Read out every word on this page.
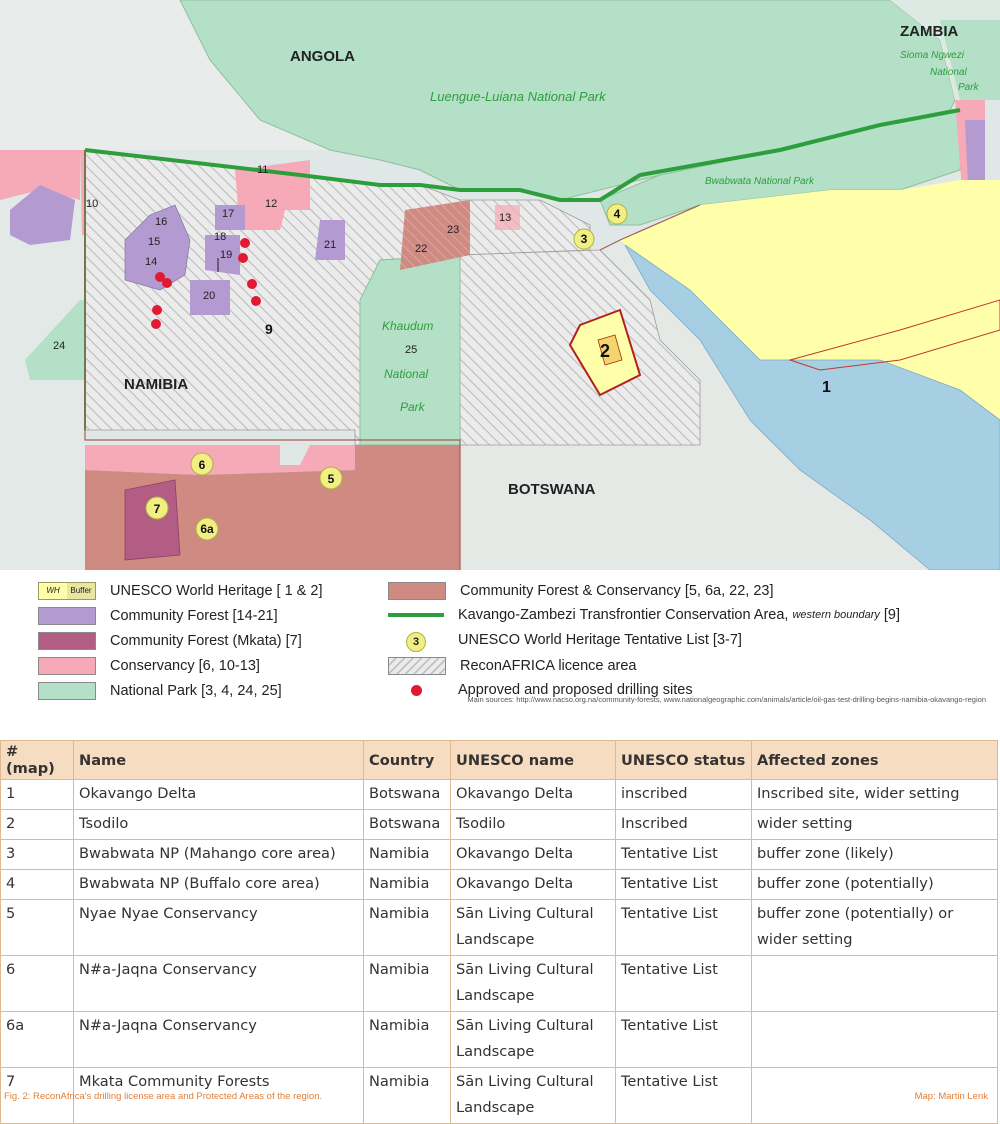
3
4
5
6
6a
7
ANGOLA
ZAMBIA
NAMIBIA
BOTSWANA
Luengue-Luiana National Park
Bwabwata National Park
Sioma Ngwezi
National
Park
Khaudum
National
Park
10
11
12
13
14
15
16
17
18
19
20
21	22
23
24	25
9
2
1
WH	Buffer UNESCO World Heritage [ 1 & 2]
Community Forest [14-21]
Community Forest (Mkata) [7]
Conservancy [6, 10-13]
National Park [3, 4, 24, 25]
Community Forest & Conservancy [5, 6a, 22, 23]
Kavango-Zambezi Transfrontier Conservation Area, western boundary [9]
3	UNESCO World Heritage Tentative List [3-7]
ReconAFRICA licence area
Approved and proposed drilling sites
Main sources: http://www.nacso.org.na/community-forests, www.nationalgeographic.com/animals/article/oil-gas-test-drilling-begins-namibia-okavango-region
# (map)	Name	Country	UNESCO name	UNESCO status	Affected zones
1	Okavango Delta	Botswana	Okavango Delta	inscribed	Inscribed site, wider setting
2	Tsodilo	Botswana	Tsodilo	Inscribed	wider setting
3	Bwabwata NP (Mahango core area)	Namibia	Okavango Delta	Tentative List	buffer zone (likely)
4	Bwabwata NP (Buffalo core area)	Namibia	Okavango Delta	Tentative List	buffer zone (potentially)
5	Nyae Nyae Conservancy	Namibia	Sān Living Cultural Landscape	Tentative List	buffer zone (potentially) or wider setting
6	N#a-Jaqna Conservancy	Namibia	Sān Living Cultural Landscape	Tentative List	
6a	N#a-Jaqna Conservancy	Namibia	Sān Living Cultural Landscape	Tentative List	
7	Mkata Community Forests	Namibia	Sān Living Cultural Landscape	Tentative List	
Fig. 2: ReconAfrica's drilling license area and Protected Areas of the region.	Map: Martin Lenk
